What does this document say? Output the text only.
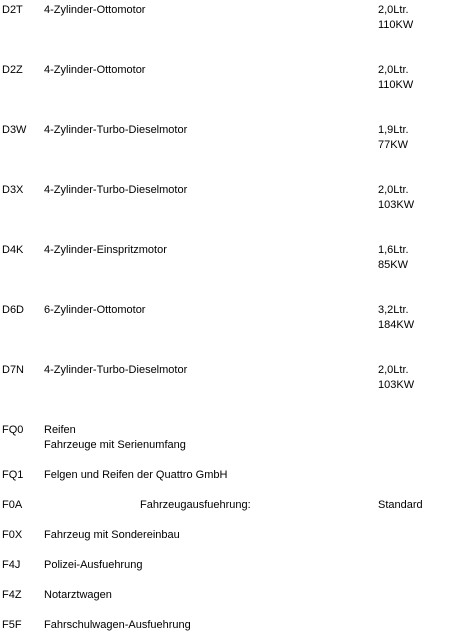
D2T 4-Zylinder-Ottomotor	2,0Ltr.
110KW
D2Z 4-Zylinder-Ottomotor	2,0Ltr.
110KW
D3W 4-Zylinder-Turbo-Dieselmotor	1,9Ltr.
77KW
D3X 4-Zylinder-Turbo-Dieselmotor	2,0Ltr.
103KW
D4K 4-Zylinder-Einspritzmotor	1,6Ltr.
85KW
D6D 6-Zylinder-Ottomotor	3,2Ltr.
184KW
D7N 4-Zylinder-Turbo-Dieselmotor	2,0Ltr.
103KW
FQ0 Reifen
Fahrzeuge mit Serienumfang
FQ1 Felgen und Reifen der Quattro GmbH
F0A	Fahrzeugausfuehrung:	Standard
F0X Fahrzeug mit Sondereinbau
F4J Polizei-Ausfuehrung
F4Z Notarztwagen
F5F Fahrschulwagen-Ausfuehrung
